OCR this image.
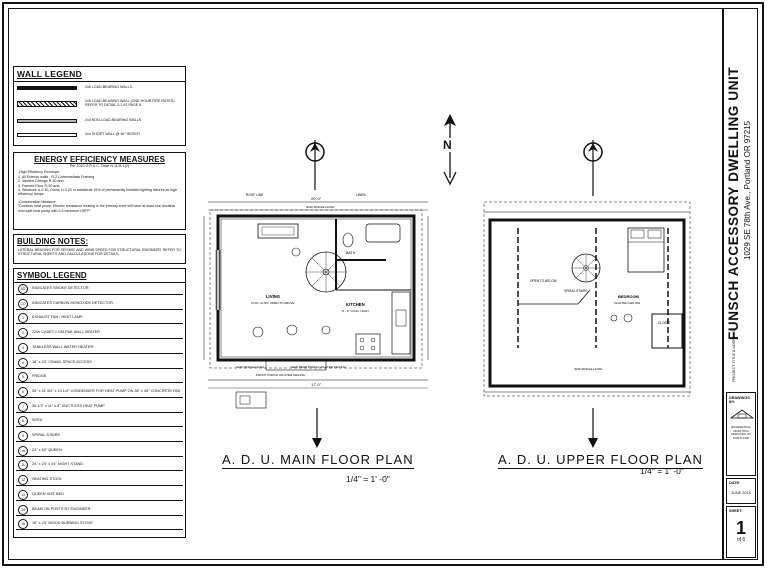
WALL LEGEND
2x6 LOAD-BEARING WALLS.
2x6 LOAD-BEARING WALL (ONE-HOUR FIRE RATED) REFER TO DETAIL 0-1 AT PAGE 6.
2x4 NON-LOAD-BEARING WALLS
2x4 SHORT WALL @ 36" HEIGHT
ENERGY EFFICIENCY MEASURES
Per 2010 O.R.S.C. Table N 1101.1(2)
-High Efficiency Envelope:
1. All Exterior walls - R-21 Intermediate Framing
2. Vaulted Ceilings R-30 and,
3. Framed Floor R-30 and,
4. Windows U-0.30, Doors U-0.20 or additional 15% of permanently installed lighting fixtures as high efficiency lamps
-Conservation Measure:
"Ductless heat pump: Electric resistance heating in the primary zone will have at least one ductless mini-split heat pump with 2.5 minimum HSPF"
BUILDING NOTES:
LATERAL BRACING FOR SEISMIC AND WIND SPEED FOR STRUCTURAL ENGINEER, REFER TO STRUCTURAL SHEETS AND CALCULATIONS FOR DETAILS.
SYMBOL LEGEND
SD	INDICATES SMOKE DETECTOR
CO	INDICATES CARBON MONOXIDE DETECTOR.
1	EXHAUST FAN / HEAT LAMP
2	220v CADET COM-PAK WALL HEATER
3	TANKLESS WALL WATER HEATER
4	18" x 24" CRAWL SPACE ACCESS
5	FRIDGE
6	30" x 21 3/4" x 10 1/4" CONDENSER FOR HEAT PUMP ON 36" x 28" CONCRETE PAD
7	35 1/2" x 11" x 8" DUCTLESS HEAT PUMP
8	SOFA
9	SPIRAL STAIRS
10	24" x 60" QUEEN
11	24" x 24" x 24" NIGHT STAND
12	SEATING STOOL
13	QUEEN SIZE BED
14	BEAM ON POSTS BY ENGINEER
15	16" x 24" WOOD BURNING STOVE
20'-0"
ROOF LINE
4040 SINGLE-HUNG
LINEN
BATH
LIVING
VLTD. CLNG. OPEN TO ABOVE	KITCHEN
8' - 0" CLNG. HGHT.
NEW REAR PORCH VAULTED CEILING
3040 SINGLE-HUNG
17'-0"
FRONT PORCH VAULTED CEILING
N
OPEN TO BELOW
SPIRAL STAIRS
BEDROOM
VAULTED CEILING
CLOSET
4040 SINGLE-HUNG
A. D. U. MAIN FLOOR PLAN
1/4" = 1' -0"
A. D. U. UPPER FLOOR PLAN
1/4" = 1' -0"
FUNSCH ACCESSORY DWELLING UNIT 1029 SE 78th Ave., Portland OR 97215
PROJECT TITLE & ADDRESS
DRAWINGS BY:
RESIDENTIAL DRAFTING SERVICES OF PORTLAND
DATE:
JUNE 2018
SHEET:
1
of 6
